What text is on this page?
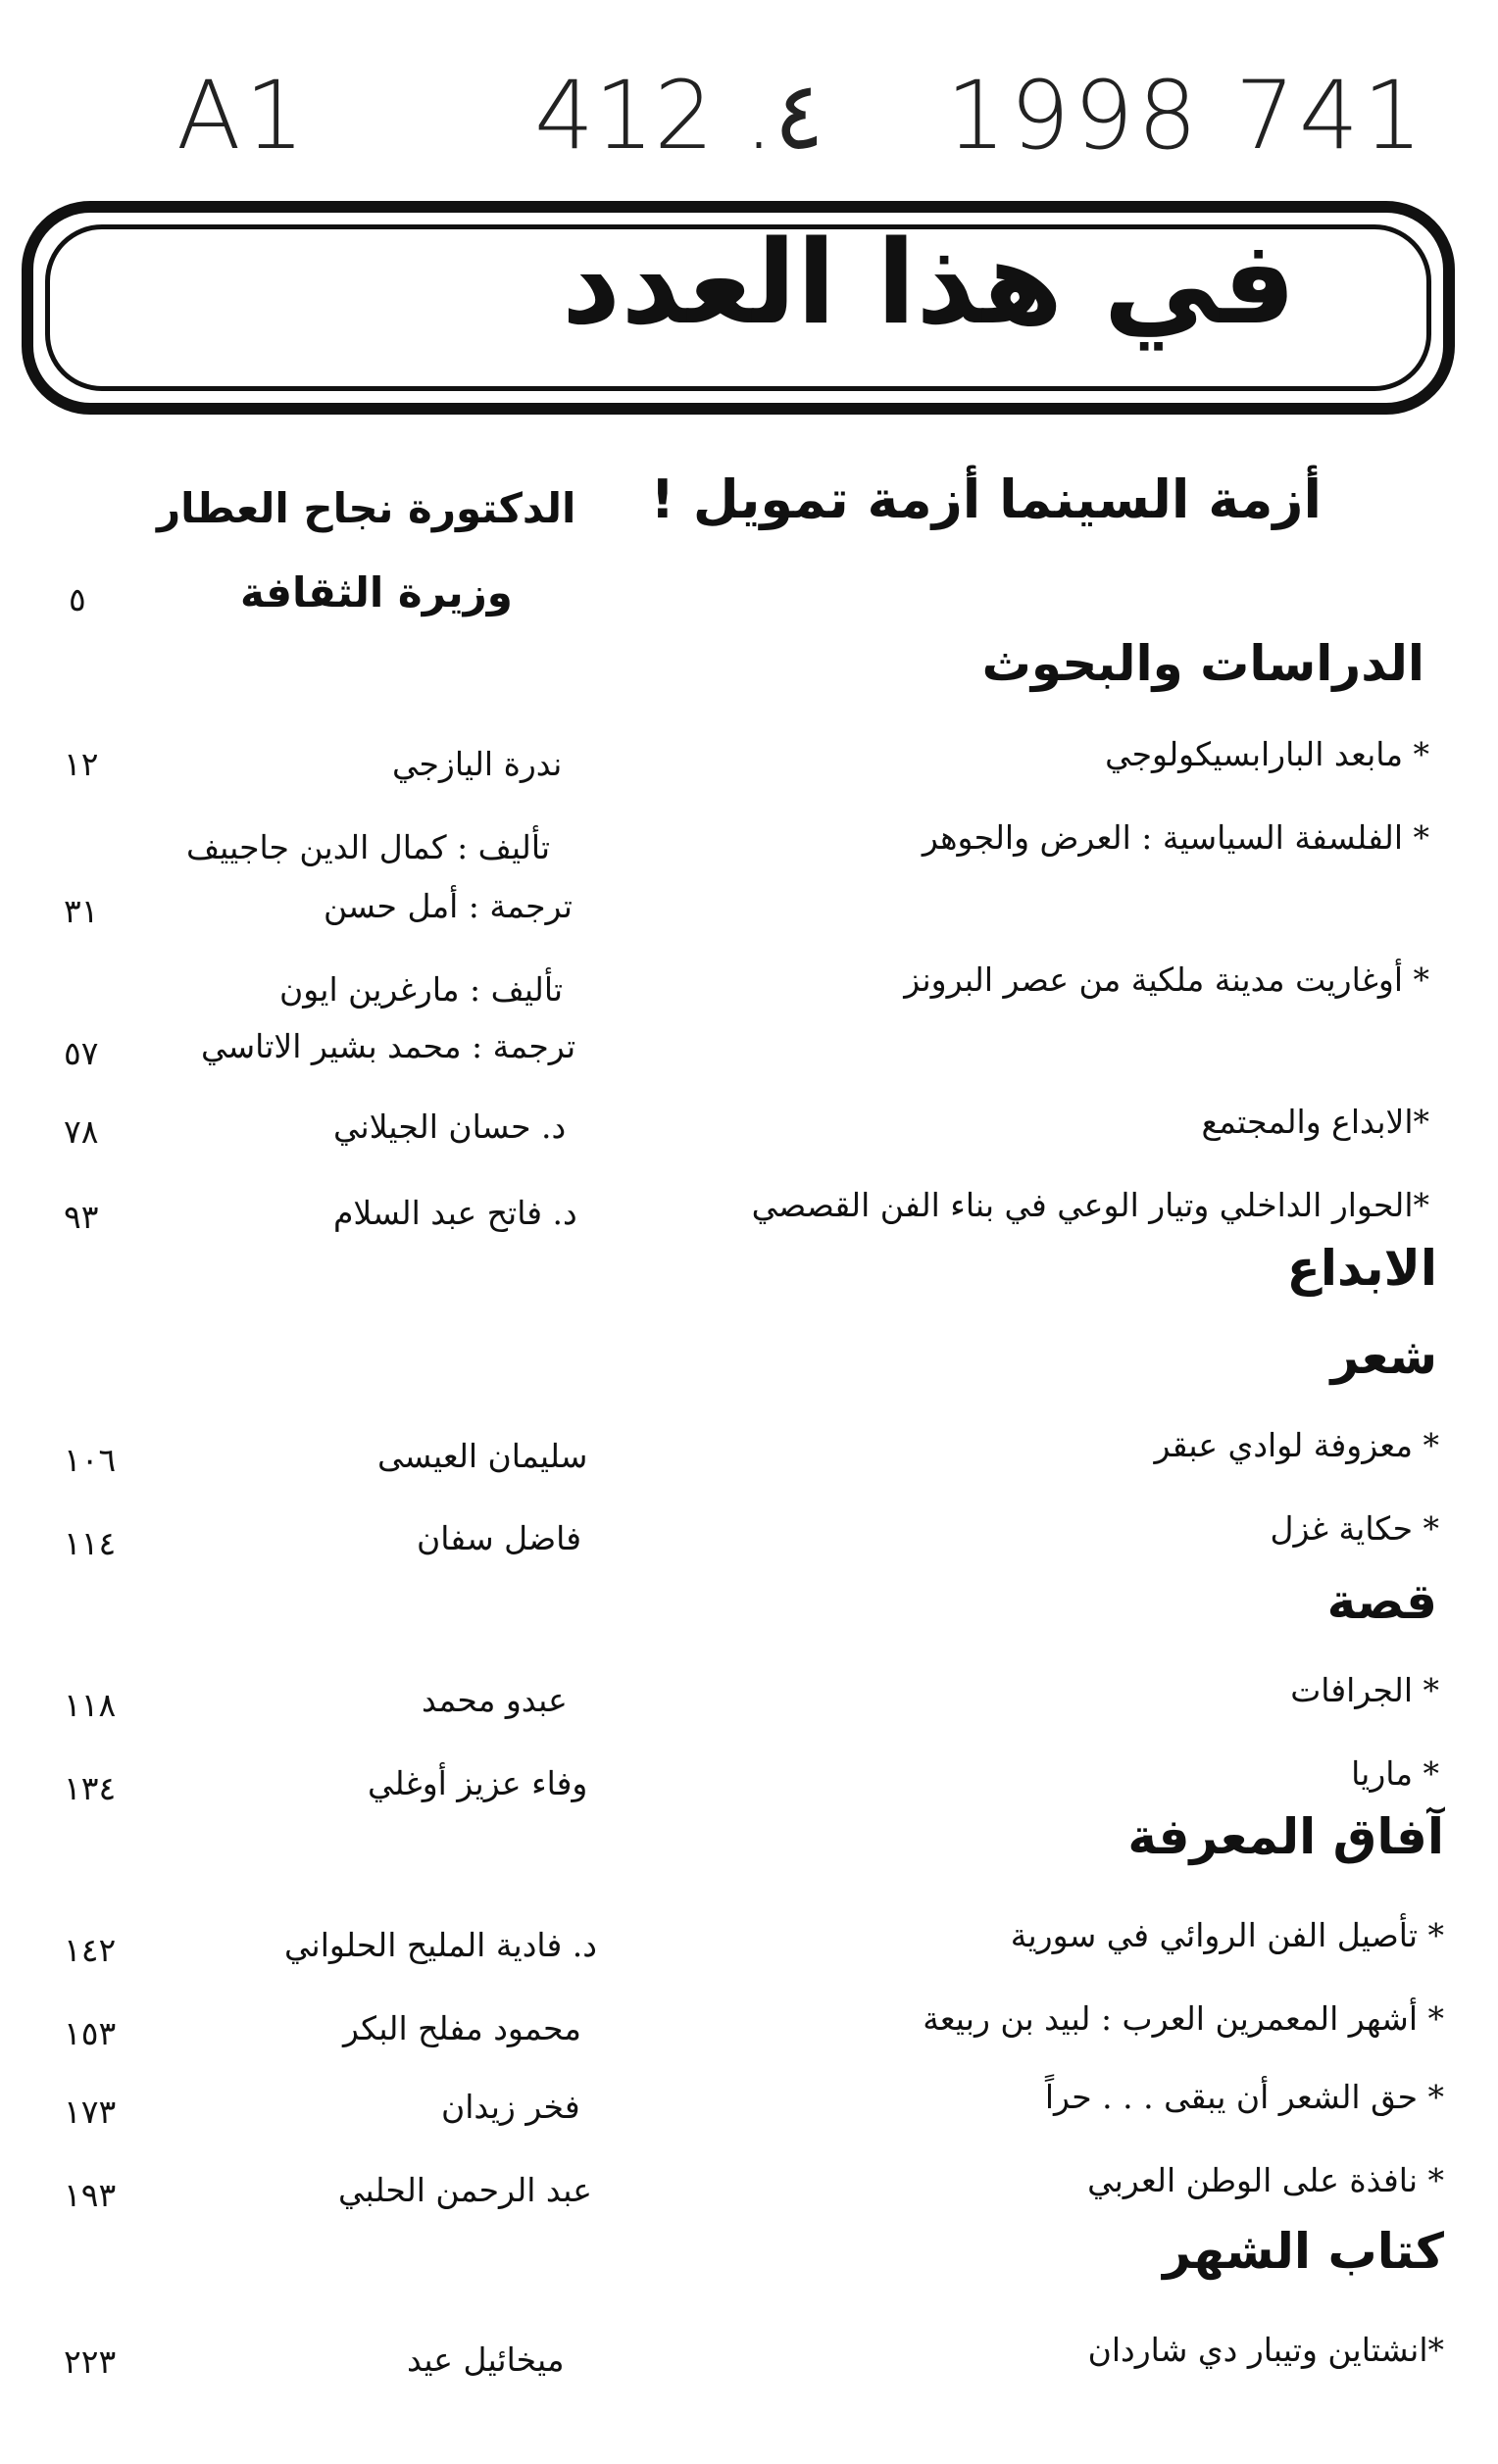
A1 412 .٤ 1998 741
في هذا العدد
أزمة السينما أزمة تمويل !
الدكتورة نجاح العطار
وزيرة الثقافة
٥
الدراسات والبحوث
الابداع
شعر
قصة
آفاق المعرفة
كتاب الشهر
* مابعد البارابسيكولوجي
ندرة اليازجي
١٢
* الفلسفة السياسية : العرض والجوهر
تأليف : كمال الدين جاجييف
ترجمة : أمل حسن
٣١
* أوغاريت مدينة ملكية من عصر البرونز
تأليف : مارغرين ايون
ترجمة : محمد بشير الاتاسي
٥٧
*الابداع والمجتمع
د. حسان الجيلاني
٧٨
*الحوار الداخلي وتيار الوعي في بناء الفن القصصي
د. فاتح عبد السلام
٩٣
* معزوفة لوادي عبقر
سليمان العيسى
١٠٦
* حكاية غزل
فاضل سفان
١١٤
* الجرافات
عبدو محمد
١١٨
* ماريا
وفاء عزيز أوغلي
١٣٤
* تأصيل الفن الروائي في سورية
د. فادية المليح الحلواني
١٤٢
* أشهر المعمرين العرب : لبيد بن ربيعة
محمود مفلح البكر
١٥٣
* حق الشعر أن يبقى . . . حراً
فخر زيدان
١٧٣
* نافذة على الوطن العربي
عبد الرحمن الحلبي
١٩٣
*انشتاين وتيبار دي شاردان
ميخائيل عيد
٢٢٣
